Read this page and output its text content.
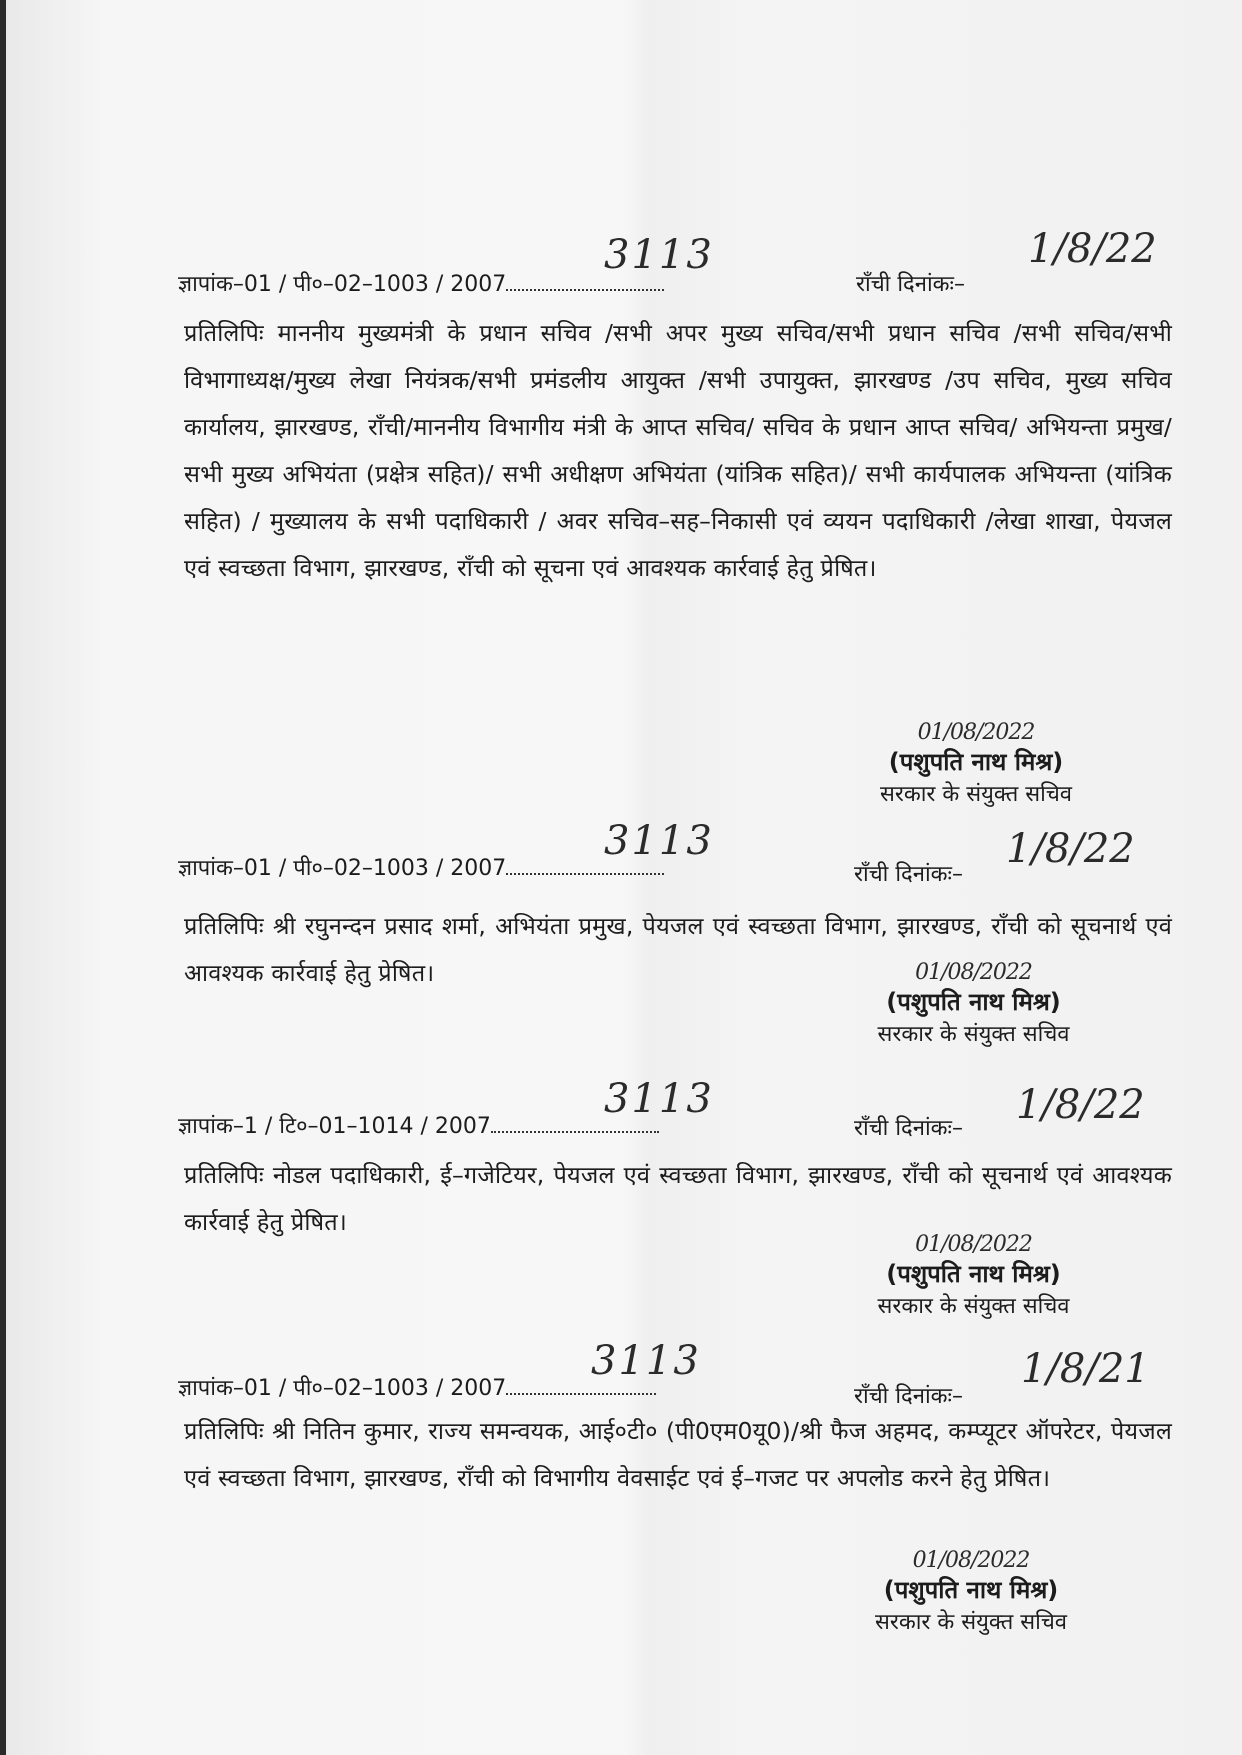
ज्ञापांक–01 / पी०–02–1003 / 2007
3113
राँची दिनांकः–
1/8/22
प्रतिलिपिः माननीय मुख्यमंत्री के प्रधान सचिव /सभी अपर मुख्य सचिव/सभी प्रधान सचिव /सभी सचिव/सभी विभागाध्यक्ष/मुख्य लेखा नियंत्रक/सभी प्रमंडलीय आयुक्त /सभी उपायुक्त, झारखण्ड /उप सचिव, मुख्य सचिव कार्यालय, झारखण्ड, राँची/माननीय विभागीय मंत्री के आप्त सचिव/ सचिव के प्रधान आप्त सचिव/ अभियन्ता प्रमुख/ सभी मुख्य अभियंता (प्रक्षेत्र सहित)/ सभी अधीक्षण अभियंता (यांत्रिक सहित)/ सभी कार्यपालक अभियन्ता (यांत्रिक सहित) / मुख्यालय के सभी पदाधिकारी / अवर सचिव–सह–निकासी एवं व्ययन पदाधिकारी /लेखा शाखा, पेयजल एवं स्वच्छता विभाग, झारखण्ड, राँची को सूचना एवं आवश्यक कार्रवाई हेतु प्रेषित।
01/08/2022
(पशुपति नाथ मिश्र)
सरकार के संयुक्त सचिव
ज्ञापांक–01 / पी०–02–1003 / 2007
3113
राँची दिनांकः–
1/8/22
प्रतिलिपिः श्री रघुनन्दन प्रसाद शर्मा, अभियंता प्रमुख, पेयजल एवं स्वच्छता विभाग, झारखण्ड, राँची को सूचनार्थ एवं आवश्यक कार्रवाई हेतु प्रेषित।	01/08/2022
(पशुपति नाथ मिश्र)
सरकार के संयुक्त सचिव
ज्ञापांक–1 / टि०–01–1014 / 2007
3113
राँची दिनांकः–
1/8/22
प्रतिलिपिः नोडल पदाधिकारी, ई–गजेटियर, पेयजल एवं स्वच्छता विभाग, झारखण्ड, राँची को सूचनार्थ एवं आवश्यक कार्रवाई हेतु प्रेषित।
01/08/2022
(पशुपति नाथ मिश्र)
सरकार के संयुक्त सचिव
ज्ञापांक–01 / पी०–02–1003 / 2007
3113
राँची दिनांकः–
1/8/21
प्रतिलिपिः श्री नितिन कुमार, राज्य समन्वयक, आई०टी० (पी0एम0यू0)/श्री फैज अहमद, कम्प्यूटर ऑपरेटर, पेयजल एवं स्वच्छता विभाग, झारखण्ड, राँची को विभागीय वेवसाईट एवं ई–गजट पर अपलोड करने हेतु प्रेषित।
01/08/2022
(पशुपति नाथ मिश्र)
सरकार के संयुक्त सचिव
